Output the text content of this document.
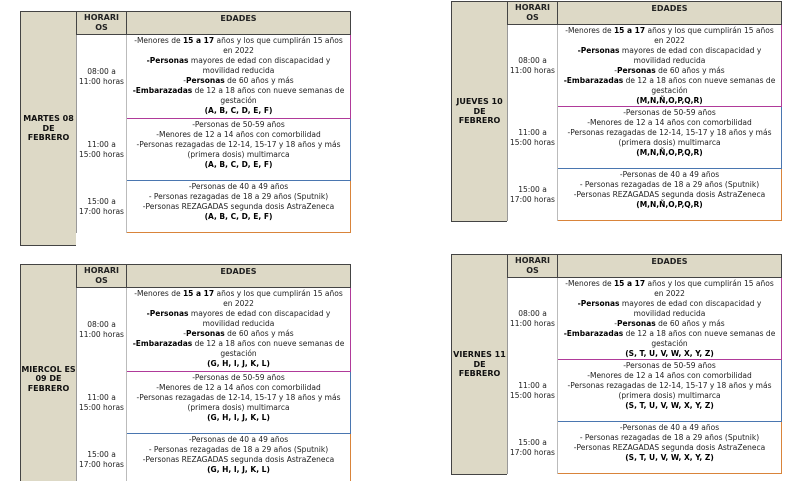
MARTES 08 DE FEBRERO
HORARI OS
EDADES
08:00 a 11:00 horas
-Menores de 15 a 17 años y los que cumplirán 15 años en 2022
-Personas mayores de edad con discapacidad y movilidad reducida
-Personas de 60 años y más
-Embarazadas de 12 a 18 años con nueve semanas de gestación
(A, B, C, D, E, F)
11:00 a 15:00 horas
-Personas de 50-59 años
-Menores de 12 a 14 años con comorbilidad
-Personas rezagadas de 12-14, 15-17 y 18 años y más
(primera dosis) multimarca
(A, B, C, D, E, F)
15:00 a 17:00 horas
-Personas de 40 a 49 años
- Personas rezagadas de 18 a 29 años (Sputnik)
-Personas REZAGADAS segunda dosis AstraZeneca
(A, B, C, D, E, F)
JUEVES 10 DE FEBRERO
HORARI OS
EDADES
08:00 a 11:00 horas
-Menores de 15 a 17 años y los que cumplirán 15 años en 2022
-Personas mayores de edad con discapacidad y movilidad reducida
-Personas de 60 años y más
-Embarazadas de 12 a 18 años con nueve semanas de gestación
(M,N,Ñ,O,P,Q,R)
11:00 a 15:00 horas
-Personas de 50-59 años
-Menores de 12 a 14 años con comorbilidad
-Personas rezagadas de 12-14, 15-17 y 18 años y más
(primera dosis) multimarca
(M,N,Ñ,O,P,Q,R)
15:00 a 17:00 horas
-Personas de 40 a 49 años
- Personas rezagadas de 18 a 29 años (Sputnik)
-Personas REZAGADAS segunda dosis AstraZeneca
(M,N,Ñ,O,P,Q,R)
MIERCOL ES 09 DE FEBRERO
HORARI OS
EDADES
08:00 a 11:00 horas
-Menores de 15 a 17 años y los que cumplirán 15 años en 2022
-Personas mayores de edad con discapacidad y movilidad reducida
-Personas de 60 años y más
-Embarazadas de 12 a 18 años con nueve semanas de gestación
(G, H, I, J, K, L)
11:00 a 15:00 horas
-Personas de 50-59 años
-Menores de 12 a 14 años con comorbilidad
-Personas rezagadas de 12-14, 15-17 y 18 años y más
(primera dosis) multimarca
(G, H, I, J, K, L)
15:00 a 17:00 horas
-Personas de 40 a 49 años
- Personas rezagadas de 18 a 29 años (Sputnik)
-Personas REZAGADAS segunda dosis AstraZeneca
(G, H, I, J, K, L)
VIERNES 11 DE FEBRERO
HORARI OS
EDADES
08:00 a 11:00 horas
-Menores de 15 a 17 años y los que cumplirán 15 años en 2022
-Personas mayores de edad con discapacidad y movilidad reducida
-Personas de 60 años y más
-Embarazadas de 12 a 18 años con nueve semanas de gestación
(S, T, U, V, W, X, Y, Z)
11:00 a 15:00 horas
-Personas de 50-59 años
-Menores de 12 a 14 años con comorbilidad
-Personas rezagadas de 12-14, 15-17 y 18 años y más
(primera dosis) multimarca
(S, T, U, V, W, X, Y, Z)
15:00 a 17:00 horas
-Personas de 40 a 49 años
- Personas rezagadas de 18 a 29 años (Sputnik)
-Personas REZAGADAS segunda dosis AstraZeneca
(S, T, U, V, W, X, Y, Z)
